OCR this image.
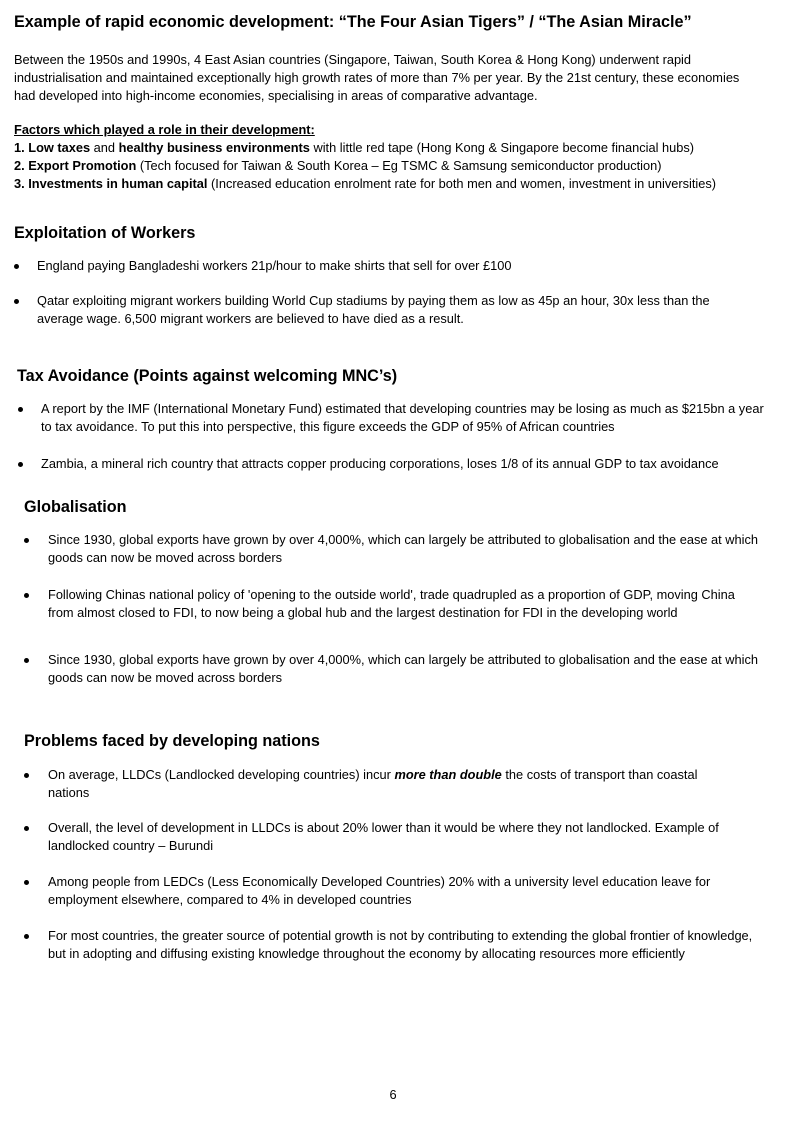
Example of rapid economic development: “The Four Asian Tigers” / “The Asian Miracle”

Between the 1950s and 1990s, 4 East Asian countries (Singapore, Taiwan, South Korea & Hong Kong) underwent rapid industrialisation and maintained exceptionally high growth rates of more than 7% per year. By the 21st century, these economies had developed into high-income economies, specialising in areas of comparative advantage.

Factors which played a role in their development:
1. Low taxes and healthy business environments with little red tape (Hong Kong & Singapore become financial hubs)
2. Export Promotion (Tech focused for Taiwan & South Korea – Eg TSMC & Samsung semiconductor production)
3. Investments in human capital (Increased education enrolment rate for both men and women, investment in universities)
Exploitation of Workers
England paying Bangladeshi workers 21p/hour to make shirts that sell for over £100
Qatar exploiting migrant workers building World Cup stadiums by paying them as low as 45p an hour, 30x less than the average wage. 6,500 migrant workers are believed to have died as a result.
Tax Avoidance (Points against welcoming MNC’s)
A report by the IMF (International Monetary Fund) estimated that developing countries may be losing as much as $215bn a year to tax avoidance. To put this into perspective, this figure exceeds the GDP of 95% of African countries
Zambia, a mineral rich country that attracts copper producing corporations, loses 1/8 of its annual GDP to tax avoidance
Globalisation
Since 1930, global exports have grown by over 4,000%, which can largely be attributed to globalisation and the ease at which goods can now be moved across borders
Following Chinas national policy of 'opening to the outside world', trade quadrupled as a proportion of GDP, moving China from almost closed to FDI, to now being a global hub and the largest destination for FDI in the developing world
Since 1930, global exports have grown by over 4,000%, which can largely be attributed to globalisation and the ease at which goods can now be moved across borders
Problems faced by developing nations
On average, LLDCs (Landlocked developing countries) incur more than double the costs of transport than coastal nations
Overall, the level of development in LLDCs is about 20% lower than it would be where they not landlocked. Example of landlocked country – Burundi
Among people from LEDCs (Less Economically Developed Countries) 20% with a university level education leave for employment elsewhere, compared to 4% in developed countries
For most countries, the greater source of potential growth is not by contributing to extending the global frontier of knowledge, but in adopting and diffusing existing knowledge throughout the economy by allocating resources more efficiently
6
